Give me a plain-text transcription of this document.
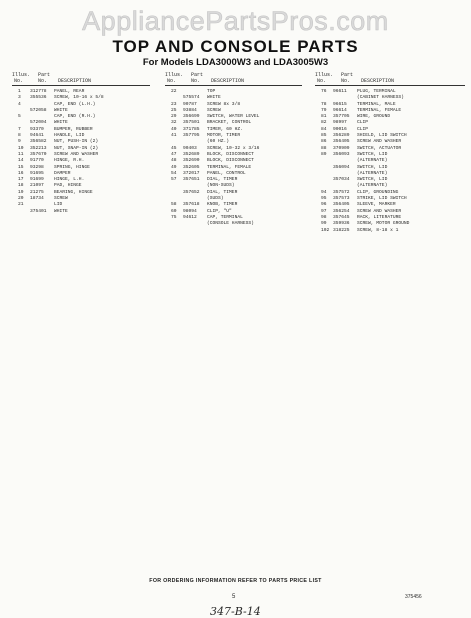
AppliancePartsPros.com
TOP AND CONSOLE PARTS
For Models LDA3000W3 and LDA3005W3
Illus. Part
No.	No. DESCRIPTION
1 312778 PANEL, REAR
3 355536 SCREW, 10-16 x 5/8
4	CAP, END (L.H.)
572058 WHITE
5	CAP, END (R.H.)
572004 WHITE
7 93370 BUMPER, RUBBER
8 94641 HANDLE, LID
9 356582 NUT, PUSH-IN (2)
10 352213 NUT, SNAP-IN (2)
11 357670 SCREW AND WASHER
14 91770 HINGE, R.H.
15 93298 SPRING, HINGE
16 91695 DAMPER
17 91699 HINGE, L.H.
18 21097 PAD, HINGE
19 21275 BEARING, HINGE
20 18734 SCREW
21	LID
375401 WHITE
Illus. Part
No.	No. DESCRIPTION
22	TOP
575574 WHITE
23 90787 SCREW 8x 3/8
25 93884 SCREW
29 356699 SWITCH, WATER LEVEL
32 357501 BRACKET, CONTROL
40 371785 TIMER, 60 HZ.
41 357795 MOTOR, TIMER
(60 HZ.)
45 90403 SCREW, 10-32 x 3/16
47 352689 BLOCK, DISCONNECT
48 352690 BLOCK, DISCONNECT
49 352605 TERMINAL, FEMALE
54 372017 PANEL, CONTROL
57 357651 DIAL, TIMER
(NON-SUDS)
357652 DIAL, TIMER
(SUDS)
58 357618 KNOB, TIMER
60 98094 CLIP, "U"
75 94612 CAP, TERMINAL
(CONSOLE HARNESS)
Illus. Part
No.	No. DESCRIPTION
76 96611 PLUG, TERMINAL
(CABINET HARNESS)
78 96615 TERMINAL, MALE
79 96614 TERMINAL, FEMALE
81 357705 WIRE, GROUND
82 98997 CLIP
84 90016 CLIP
85 356289 SHIELD, LID SWITCH
86 356405 SCREW AND WASHER
88 370909 SWITCH, ACTUATOR
89 356093 SWITCH, LID
(ALTERNATE)
356094 SWITCH, LID
(ALTERNATE)
357034 SWITCH, LID
(ALTERNATE)
94 357572 CLIP, GROUNDING
95 357573 STRIKE, LID SWITCH
96 356405 SLEEVE, MARKER
97 356254 SCREW AND WASHER
98 357645 RACK, LITERATURE
99 359936 SCREW, MOTOR GROUND
102 318225 SCREW, 8-18 x 1
FOR ORDERING INFORMATION REFER TO PARTS PRICE LIST
5	375456
347-B-14
